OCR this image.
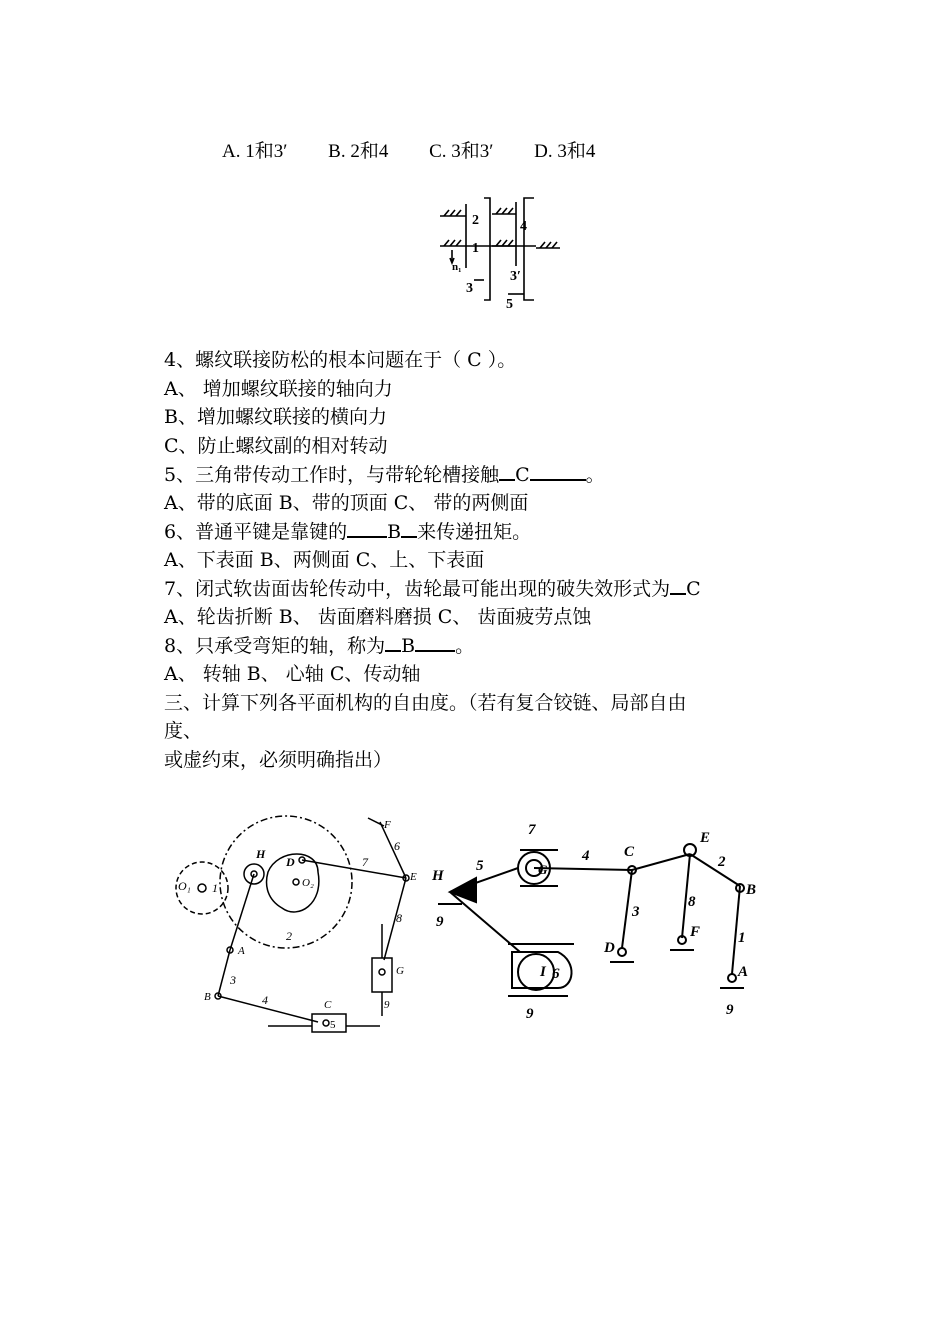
A. 1和3′ B. 2和4 C. 3和3′ D. 3和4
2	4
1
n₁
3′
3
5
4、螺纹联接防松的根本问题在于（ C ）。
A、 增加螺纹联接的轴向力
B、增加螺纹联接的横向力
C、防止螺纹副的相对转动
5、三角带传动工作时，与带轮轮槽接触 C	。
A、带的底面 B、带的顶面 C、 带的两侧面
6、普通平键是靠键的 B 来传递扭矩。
A、下表面 B、两侧面 C、上、下表面
7、闭式软齿面齿轮传动中，齿轮最可能出现的破失效形式为 C
A、轮齿折断 B、 齿面磨料磨损 C、 齿面疲劳点蚀
8、只承受弯矩的轴，称为 B 。
A、 转轴 B、 心轴 C、传动轴
三、计算下列各平面机构的自由度。（若有复合铰链、局部自由
度、
或虚约束，必须明确指出）
O₁ 1
H
D
O₂
2
F
6
7
E
8
G
9
A
3
B	4	C
5
7
5
4 C
E
2
G
H
9
3
8
B
F	1
D
A
I 6
9	9
